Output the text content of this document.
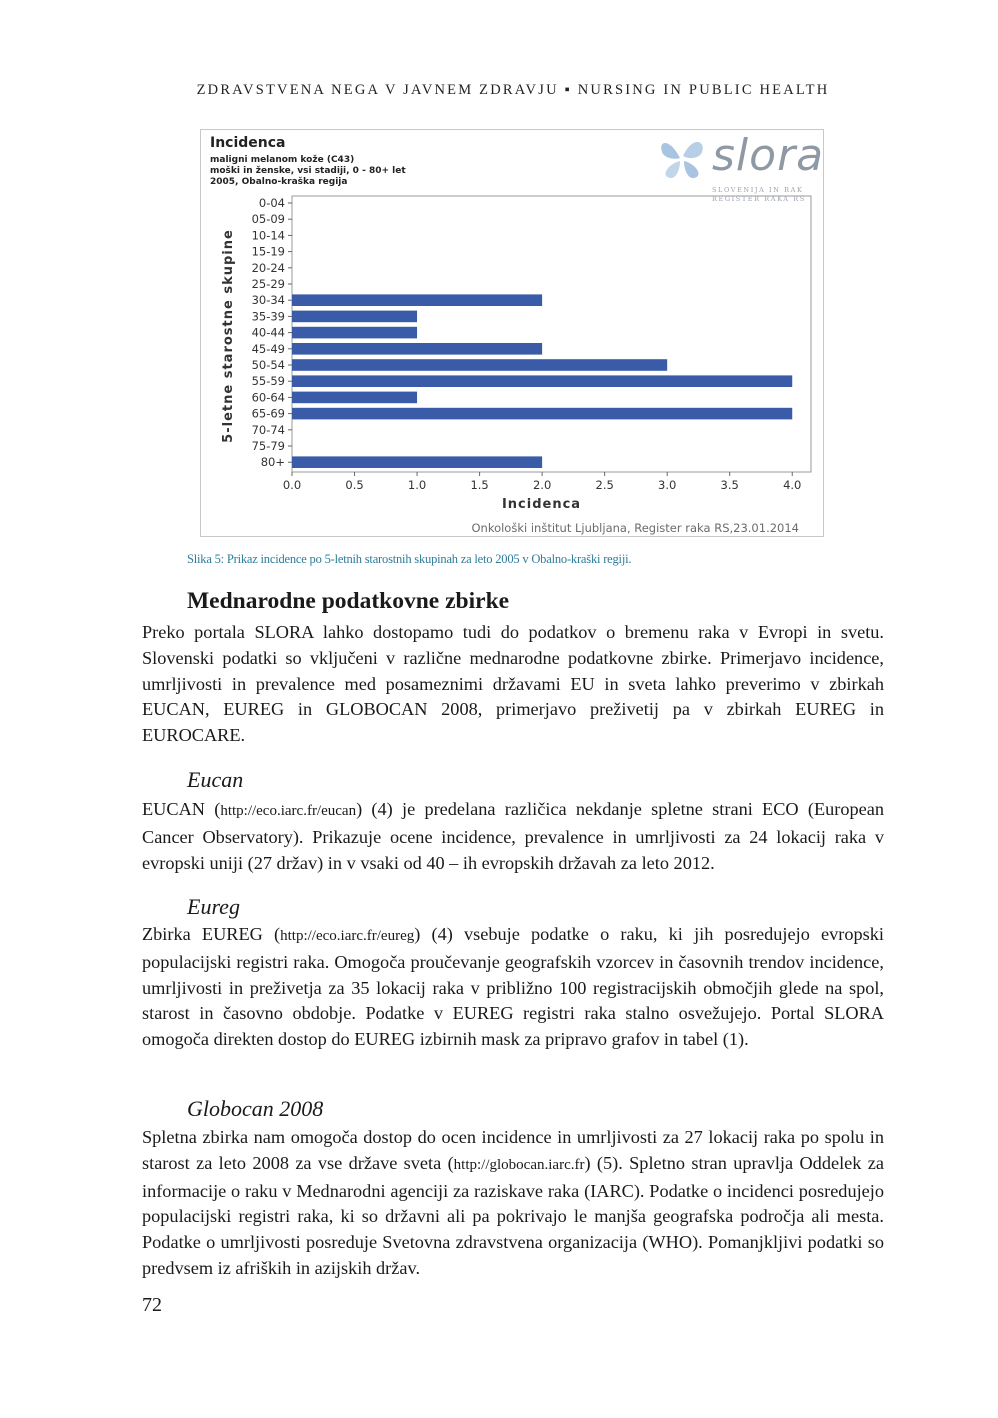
ZDRAVSTVENA NEGA V JAVNEM ZDRAVJU ▪ NURSING IN PUBLIC HEALTH
Incidenca
maligni melanom kože (C43)
moški in ženske, vsi stadiji, 0 - 80+ let
2005, Obalno-kraška regija
slora
SLOVENIJA IN RAK
REGISTER RAKA RS
0-04
05-09
10-14
15-19
20-24
25-29
30-34
35-39
40-44
45-49
50-54
55-59
60-64
65-69
70-74
75-79
80+
0.0	0.5	1.0	1.5	2.0	2.5	3.0	3.5	4.0
Incidenca
5-letne starostne skupine
Onkološki inštitut Ljubljana, Register raka RS,23.01.2014
Slika 5: Prikaz incidence po 5-letnih starostnih skupinah za leto 2005 v Obalno-kraški regiji.
Mednarodne podatkovne zbirke

Preko portala SLORA lahko dostopamo tudi do podatkov o bremenu raka v Evropi in svetu. Slovenski podatki so vključeni v različne mednarodne podatkovne zbirke. Primerjavo incidence, umrljivosti in prevalence med posameznimi državami EU in sveta lahko preverimo v zbirkah EUCAN, EUREG in GLOBOCAN 2008, primerjavo preživetij pa v zbirkah EUREG in EUROCARE.

Eucan

EUCAN (http://eco.iarc.fr/eucan) (4) je predelana različica nekdanje spletne strani ECO (European Cancer Observatory). Prikazuje ocene incidence, prevalence in umrljivosti za 24 lokacij raka v evropski uniji (27 držav) in v vsaki od 40 – ih evropskih državah za leto 2012.

Eureg

Zbirka EUREG (http://eco.iarc.fr/eureg) (4) vsebuje podatke o raku, ki jih posredujejo evropski populacijski registri raka. Omogoča proučevanje geografskih vzorcev in časovnih trendov incidence, umrljivosti in preživetja za 35 lokacij raka v približno 100 registracijskih območjih glede na spol, starost in časovno obdobje. Podatke v EUREG registri raka stalno osvežujejo. Portal SLORA omogoča direkten dostop do EUREG izbirnih mask za pripravo grafov in tabel (1).

Globocan 2008

Spletna zbirka nam omogoča dostop do ocen incidence in umrljivosti za 27 lokacij raka po spolu in starost za leto 2008 za vse države sveta (http://globocan.iarc.fr) (5). Spletno stran upravlja Oddelek za informacije o raku v Mednarodni agenciji za raziskave raka (IARC). Podatke o incidenci posredujejo populacijski registri raka, ki so državni ali pa pokrivajo le manjša geografska področja ali mesta. Podatke o umrljivosti posreduje Svetovna zdravstvena organizacija (WHO). Pomanjkljivi podatki so predvsem iz afriških in azijskih držav.

72
